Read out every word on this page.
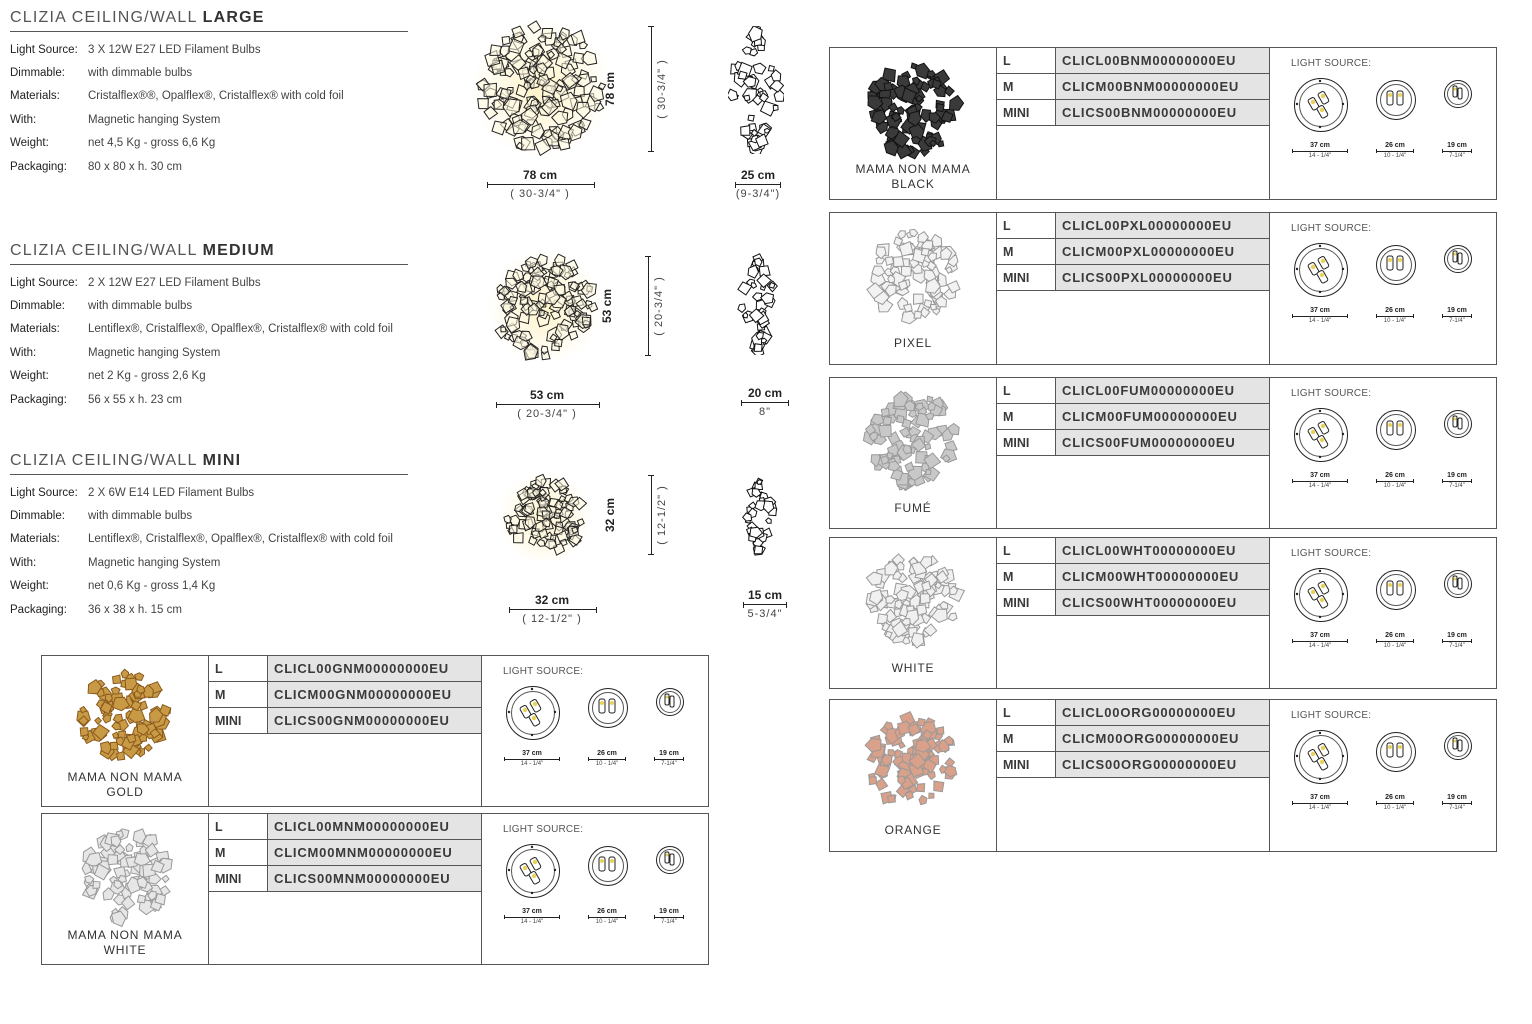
CLIZIA CEILING/WALL LARGE
Light Source: 3 X 12W E27 LED Filament Bulbs
Dimmable:	with dimmable bulbs
Materials:	Cristalflex®®, Opalflex®, Cristalflex® with cold foil
With:	Magnetic hanging System
Weight:	net 4,5 Kg - gross 6,6 Kg
Packaging:	80 x 80 x h. 30 cm
CLIZIA CEILING/WALL MEDIUM
Light Source: 2 X 12W E27 LED Filament Bulbs
Dimmable:	with dimmable bulbs
Materials:	Lentiflex®, Cristalflex®, Opalflex®, Cristalflex® with cold foil
With:	Magnetic hanging System
Weight:	net 2 Kg - gross 2,6 Kg
Packaging:	56 x 55 x h. 23 cm
CLIZIA CEILING/WALL MINI
Light Source: 2 X 6W E14 LED Filament Bulbs
Dimmable:	with dimmable bulbs
Materials:	Lentiflex®, Cristalflex®, Opalflex®, Cristalflex® with cold foil
With:	Magnetic hanging System
Weight:	net 0,6 Kg - gross 1,4 Kg
Packaging:	36 x 38 x h. 15 cm
78 cm
( 30-3/4" )
78 cm	( 30-3/4" )
25 cm
(9-3/4")
53 cm
( 20-3/4" )
53 cm	( 20-3/4" )
20 cm
8"
32 cm
( 12-1/2" )
32 cm	( 12-1/2" )
15 cm
5-3/4"
MAMA NON MAMA
GOLD
L	CLICL00GNM00000000EU
M	CLICM00GNM00000000EU
MINI	CLICS00GNM00000000EU
LIGHT SOURCE:
37 cm
14 - 1/4"
26 cm
10 - 1/4"
19 cm
7-1/4"
MAMA NON MAMA
WHITE
L	CLICL00MNM00000000EU
M	CLICM00MNM00000000EU
MINI	CLICS00MNM00000000EU
LIGHT SOURCE:
37 cm
14 - 1/4"
26 cm
10 - 1/4"
19 cm
7-1/4"
MAMA NON MAMA
BLACK
L	CLICL00BNM00000000EU
M	CLICM00BNM00000000EU
MINI	CLICS00BNM00000000EU
LIGHT SOURCE:
37 cm
14 - 1/4"
26 cm
10 - 1/4"
19 cm
7-1/4"
PIXEL
L	CLICL00PXL00000000EU
M	CLICM00PXL00000000EU
MINI	CLICS00PXL00000000EU
LIGHT SOURCE:
37 cm
14 - 1/4"
26 cm
10 - 1/4"
19 cm
7-1/4"
FUMÉ
L	CLICL00FUM00000000EU
M	CLICM00FUM00000000EU
MINI	CLICS00FUM00000000EU
LIGHT SOURCE:
37 cm
14 - 1/4"
26 cm
10 - 1/4"
19 cm
7-1/4"
WHITE
L	CLICL00WHT00000000EU
M	CLICM00WHT00000000EU
MINI	CLICS00WHT00000000EU
LIGHT SOURCE:
37 cm
14 - 1/4"
26 cm
10 - 1/4"
19 cm
7-1/4"
ORANGE
L	CLICL00ORG00000000EU
M	CLICM00ORG00000000EU
MINI	CLICS00ORG00000000EU
LIGHT SOURCE:
37 cm
14 - 1/4"
26 cm
10 - 1/4"
19 cm
7-1/4"
